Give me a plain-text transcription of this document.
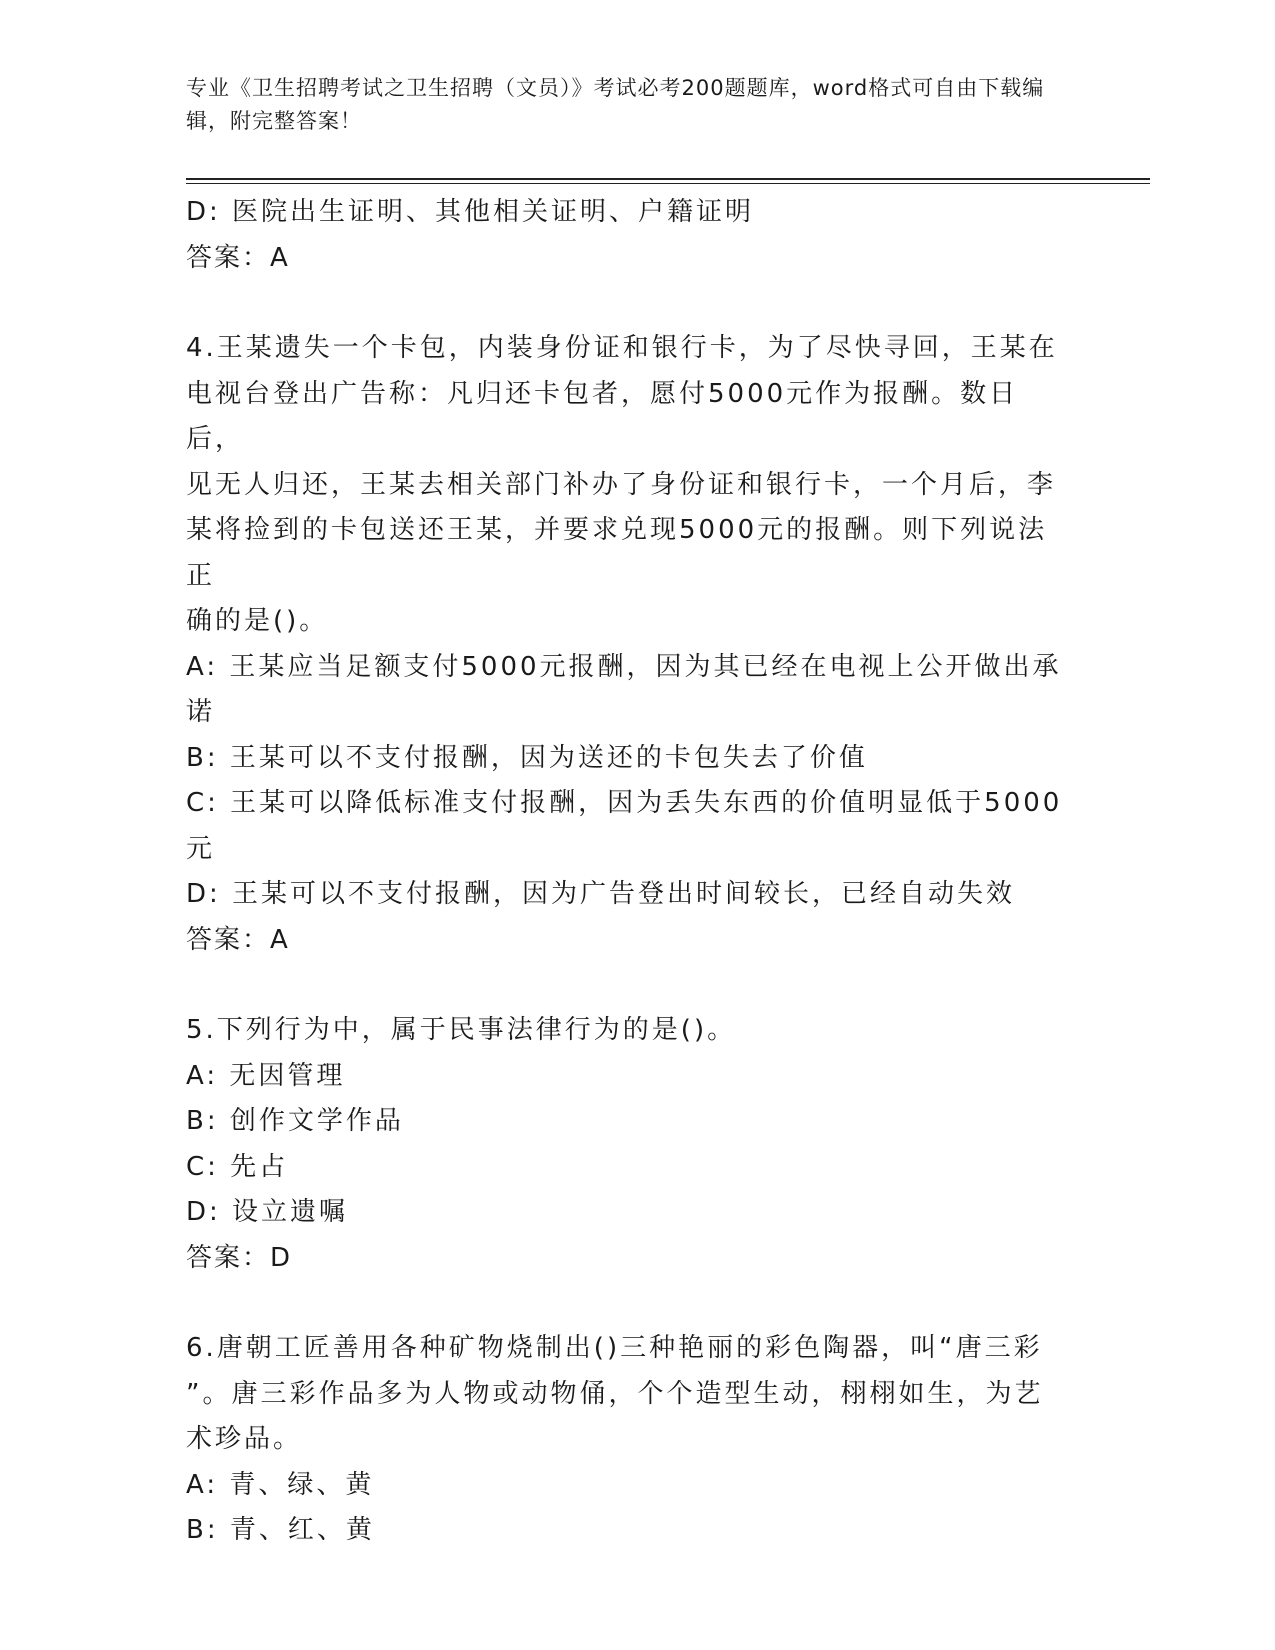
专业《卫生招聘考试之卫生招聘（文员）》考试必考200题题库，word格式可自由下载编辑，附完整答案！

D: 医院出生证明、其他相关证明、户籍证明

答案：A

4.王某遗失一个卡包，内装身份证和银行卡，为了尽快寻回，王某在

电视台登出广告称：凡归还卡包者，愿付5000元作为报酬。数日后，

见无人归还，王某去相关部门补办了身份证和银行卡，一个月后，李

某将捡到的卡包送还王某，并要求兑现5000元的报酬。则下列说法正

确的是()。

A: 王某应当足额支付5000元报酬，因为其已经在电视上公开做出承

诺

B: 王某可以不支付报酬，因为送还的卡包失去了价值

C: 王某可以降低标准支付报酬，因为丢失东西的价值明显低于5000

元

D: 王某可以不支付报酬，因为广告登出时间较长，已经自动失效

答案：A

5.下列行为中，属于民事法律行为的是()。

A: 无因管理

B: 创作文学作品

C: 先占

D: 设立遗嘱

答案：D

6.唐朝工匠善用各种矿物烧制出()三种艳丽的彩色陶器，叫“唐三彩

”。唐三彩作品多为人物或动物俑，个个造型生动，栩栩如生，为艺

术珍品。

A: 青、绿、黄

B: 青、红、黄
